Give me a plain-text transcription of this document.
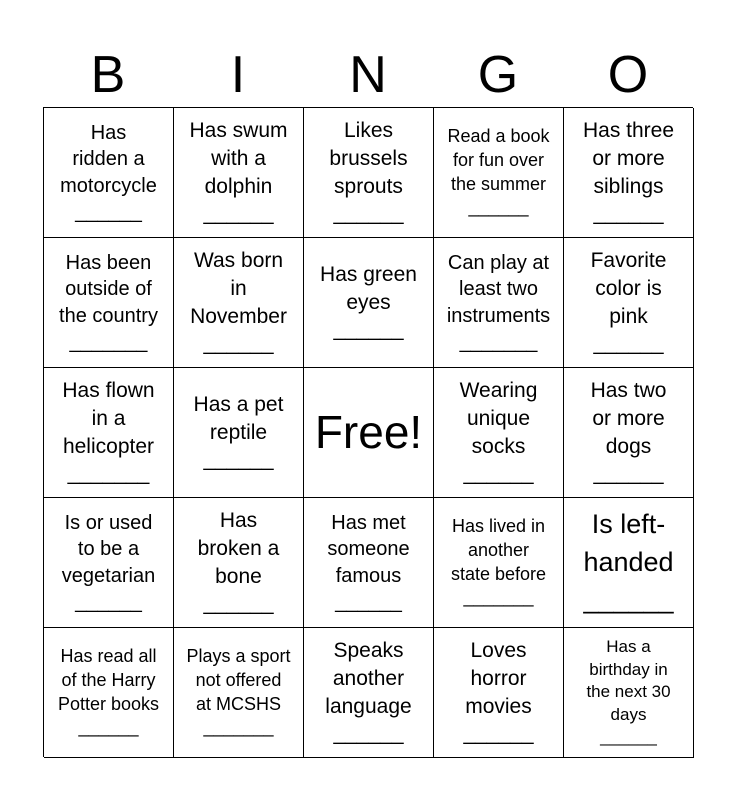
B	I	N	G	O
Has
ridden a
motorcycle
______
Has swum
with a
dolphin
______
Likes
brussels
sprouts
______
Read a book
for fun over
the summer
______
Has three
or more
siblings
______
Has been
outside of
the country
_______
Was born
in
November
______
Has green
eyes
______
Can play at
least two
instruments
_______
Favorite
color is
pink
______
Has flown
in a
helicopter
_______
Has a pet
reptile
______
Free!
Wearing
unique
socks
______
Has two
or more
dogs
______
Is or used
to be a
vegetarian
______
Has
broken a
bone
______
Has met
someone
famous
______
Has lived in
another
state before
_______
Is left-
handed
______
Has read all
of the Harry
Potter books
______
Plays a sport
not offered
at MCSHS
_______
Speaks
another
language
______
Loves
horror
movies
______
Has a
birthday in
the next 30
days
______
